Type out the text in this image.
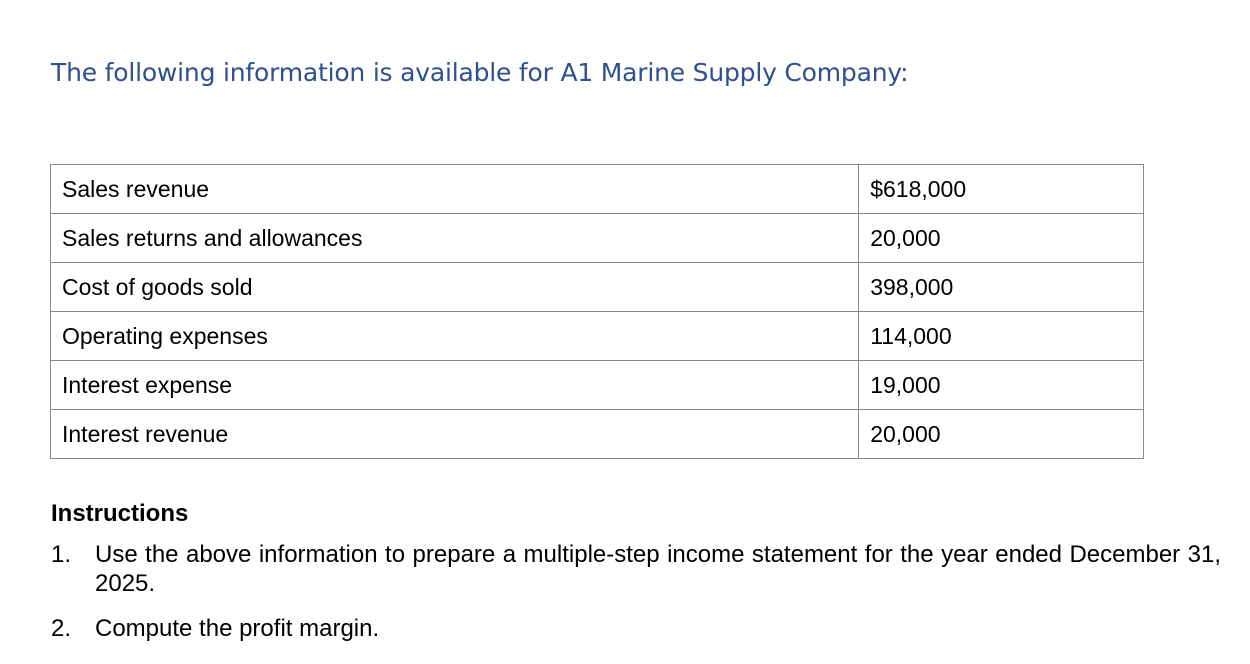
The following information is available for A1 Marine Supply Company:
Sales revenue	$618,000
Sales returns and allowances	20,000
Cost of goods sold	398,000
Operating expenses	114,000
Interest expense	19,000
Interest revenue	20,000
Instructions
1. Use the above information to prepare a multiple-step income statement for the year ended December 31, 2025.
2. Compute the profit margin.
